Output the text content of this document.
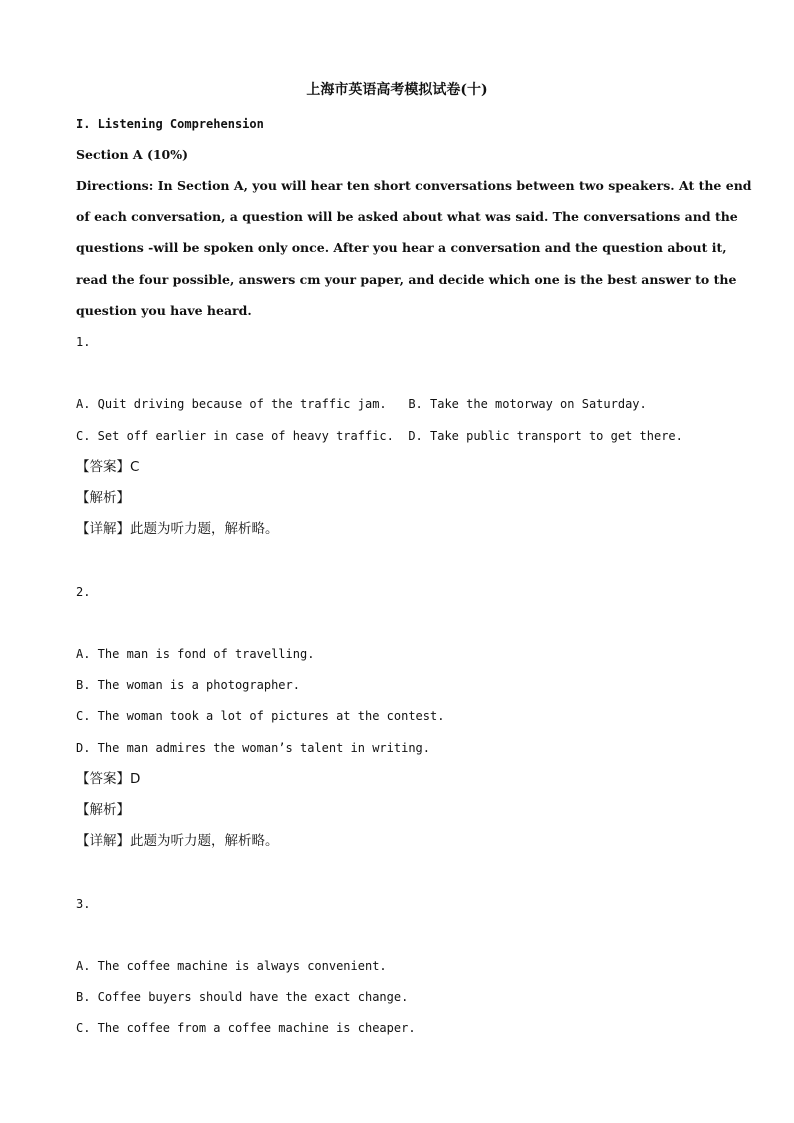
上海市英语高考模拟试卷(十)
I. Listening Comprehension
Section A (10%)
Directions: In Section A, you will hear ten short conversations between two speakers. At the end
of each conversation, a question will be asked about what was said. The conversations and the
questions -will be spoken only once. After you hear a conversation and the question about it,
read the four possible, answers cm your paper, and decide which one is the best answer to the
question you have heard.
1.
A. Quit driving because of the traffic jam.   B. Take the motorway on Saturday.
C. Set off earlier in case of heavy traffic.  D. Take public transport to get there.
【答案】C
【解析】
【详解】此题为听力题，解析略。
2.
A. The man is fond of travelling.
B. The woman is a photographer.
C. The woman took a lot of pictures at the contest.
D. The man admires the woman’s talent in writing.
【答案】D
【解析】
【详解】此题为听力题，解析略。
3.
A. The coffee machine is always convenient.
B. Coffee buyers should have the exact change.
C. The coffee from a coffee machine is cheaper.
